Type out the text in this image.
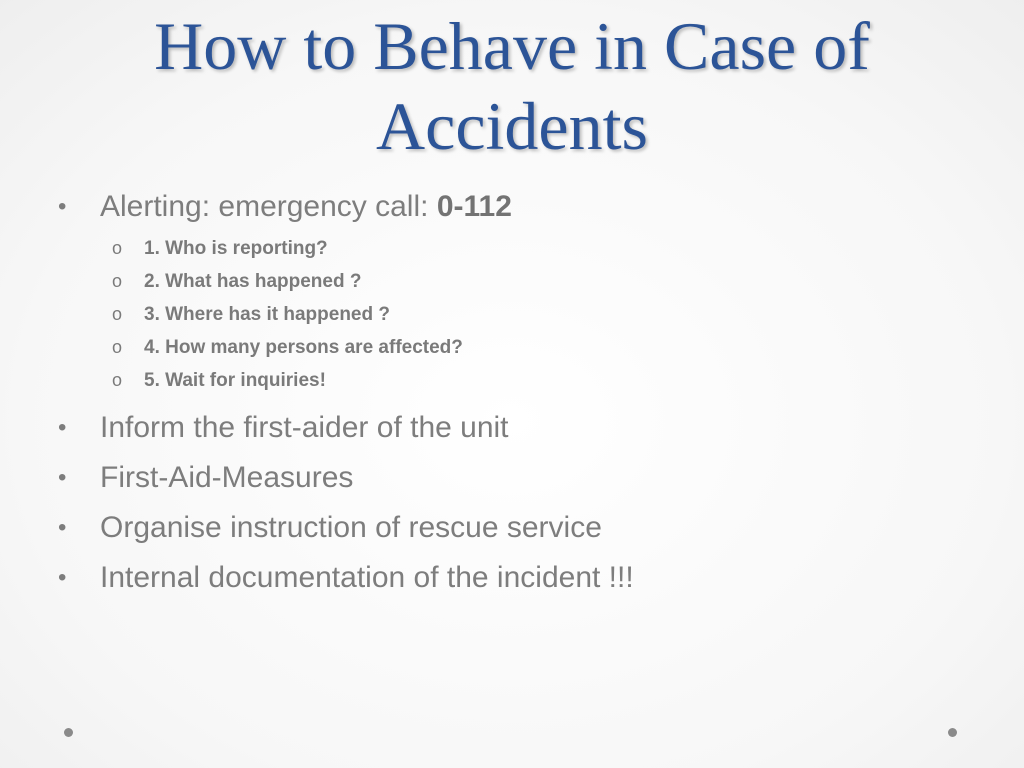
How to Behave in Case of
Accidents
• Alerting: emergency call: 0-112
o 1. Who is reporting?
o 2. What has happened ?
o 3. Where has it happened ?
o 4. How many persons are affected?
o 5. Wait for inquiries!
• Inform the first-aider of the unit
• First-Aid-Measures
• Organise instruction of rescue service
• Internal documentation of the incident !!!
